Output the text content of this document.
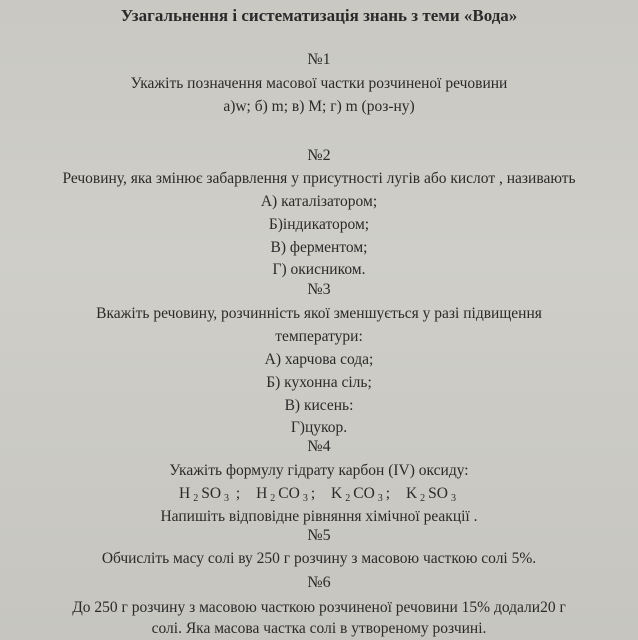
Узагальнення і систематизація знань з теми «Вода»
№1
Укажіть позначення масової частки розчиненої речовини
а)w; б) m; в) M; г) m (роз-ну)
№2
Речовину, яка змінює забарвлення у присутності лугів або кислот , називають
А) каталізатором;
Б)індикатором;
В) ферментом;
Г) окисником.
№3
Вкажіть речовину, розчинність якої зменшується у разі підвищення
температури:
А) харчова сода;
Б) кухонна сіль;
В) кисень:
Г)цукор.
№4
Укажіть формулу гідрату карбон (IV) оксиду:
H $_2$ SO $_3$ ; H $_2$ CO $_3$ ; K $_2$ CO $_3$ ; K $_2$ SO $_3$
Напишіть відповідне рівняння хімічної реакції .
№5
Обчисліть масу солі ву 250 г розчину з масовою часткою солі 5%.
№6
До 250 г розчину з масовою часткою розчиненої речовини 15% додали20 г
солі. Яка масова частка солі в утвореному розчині.
